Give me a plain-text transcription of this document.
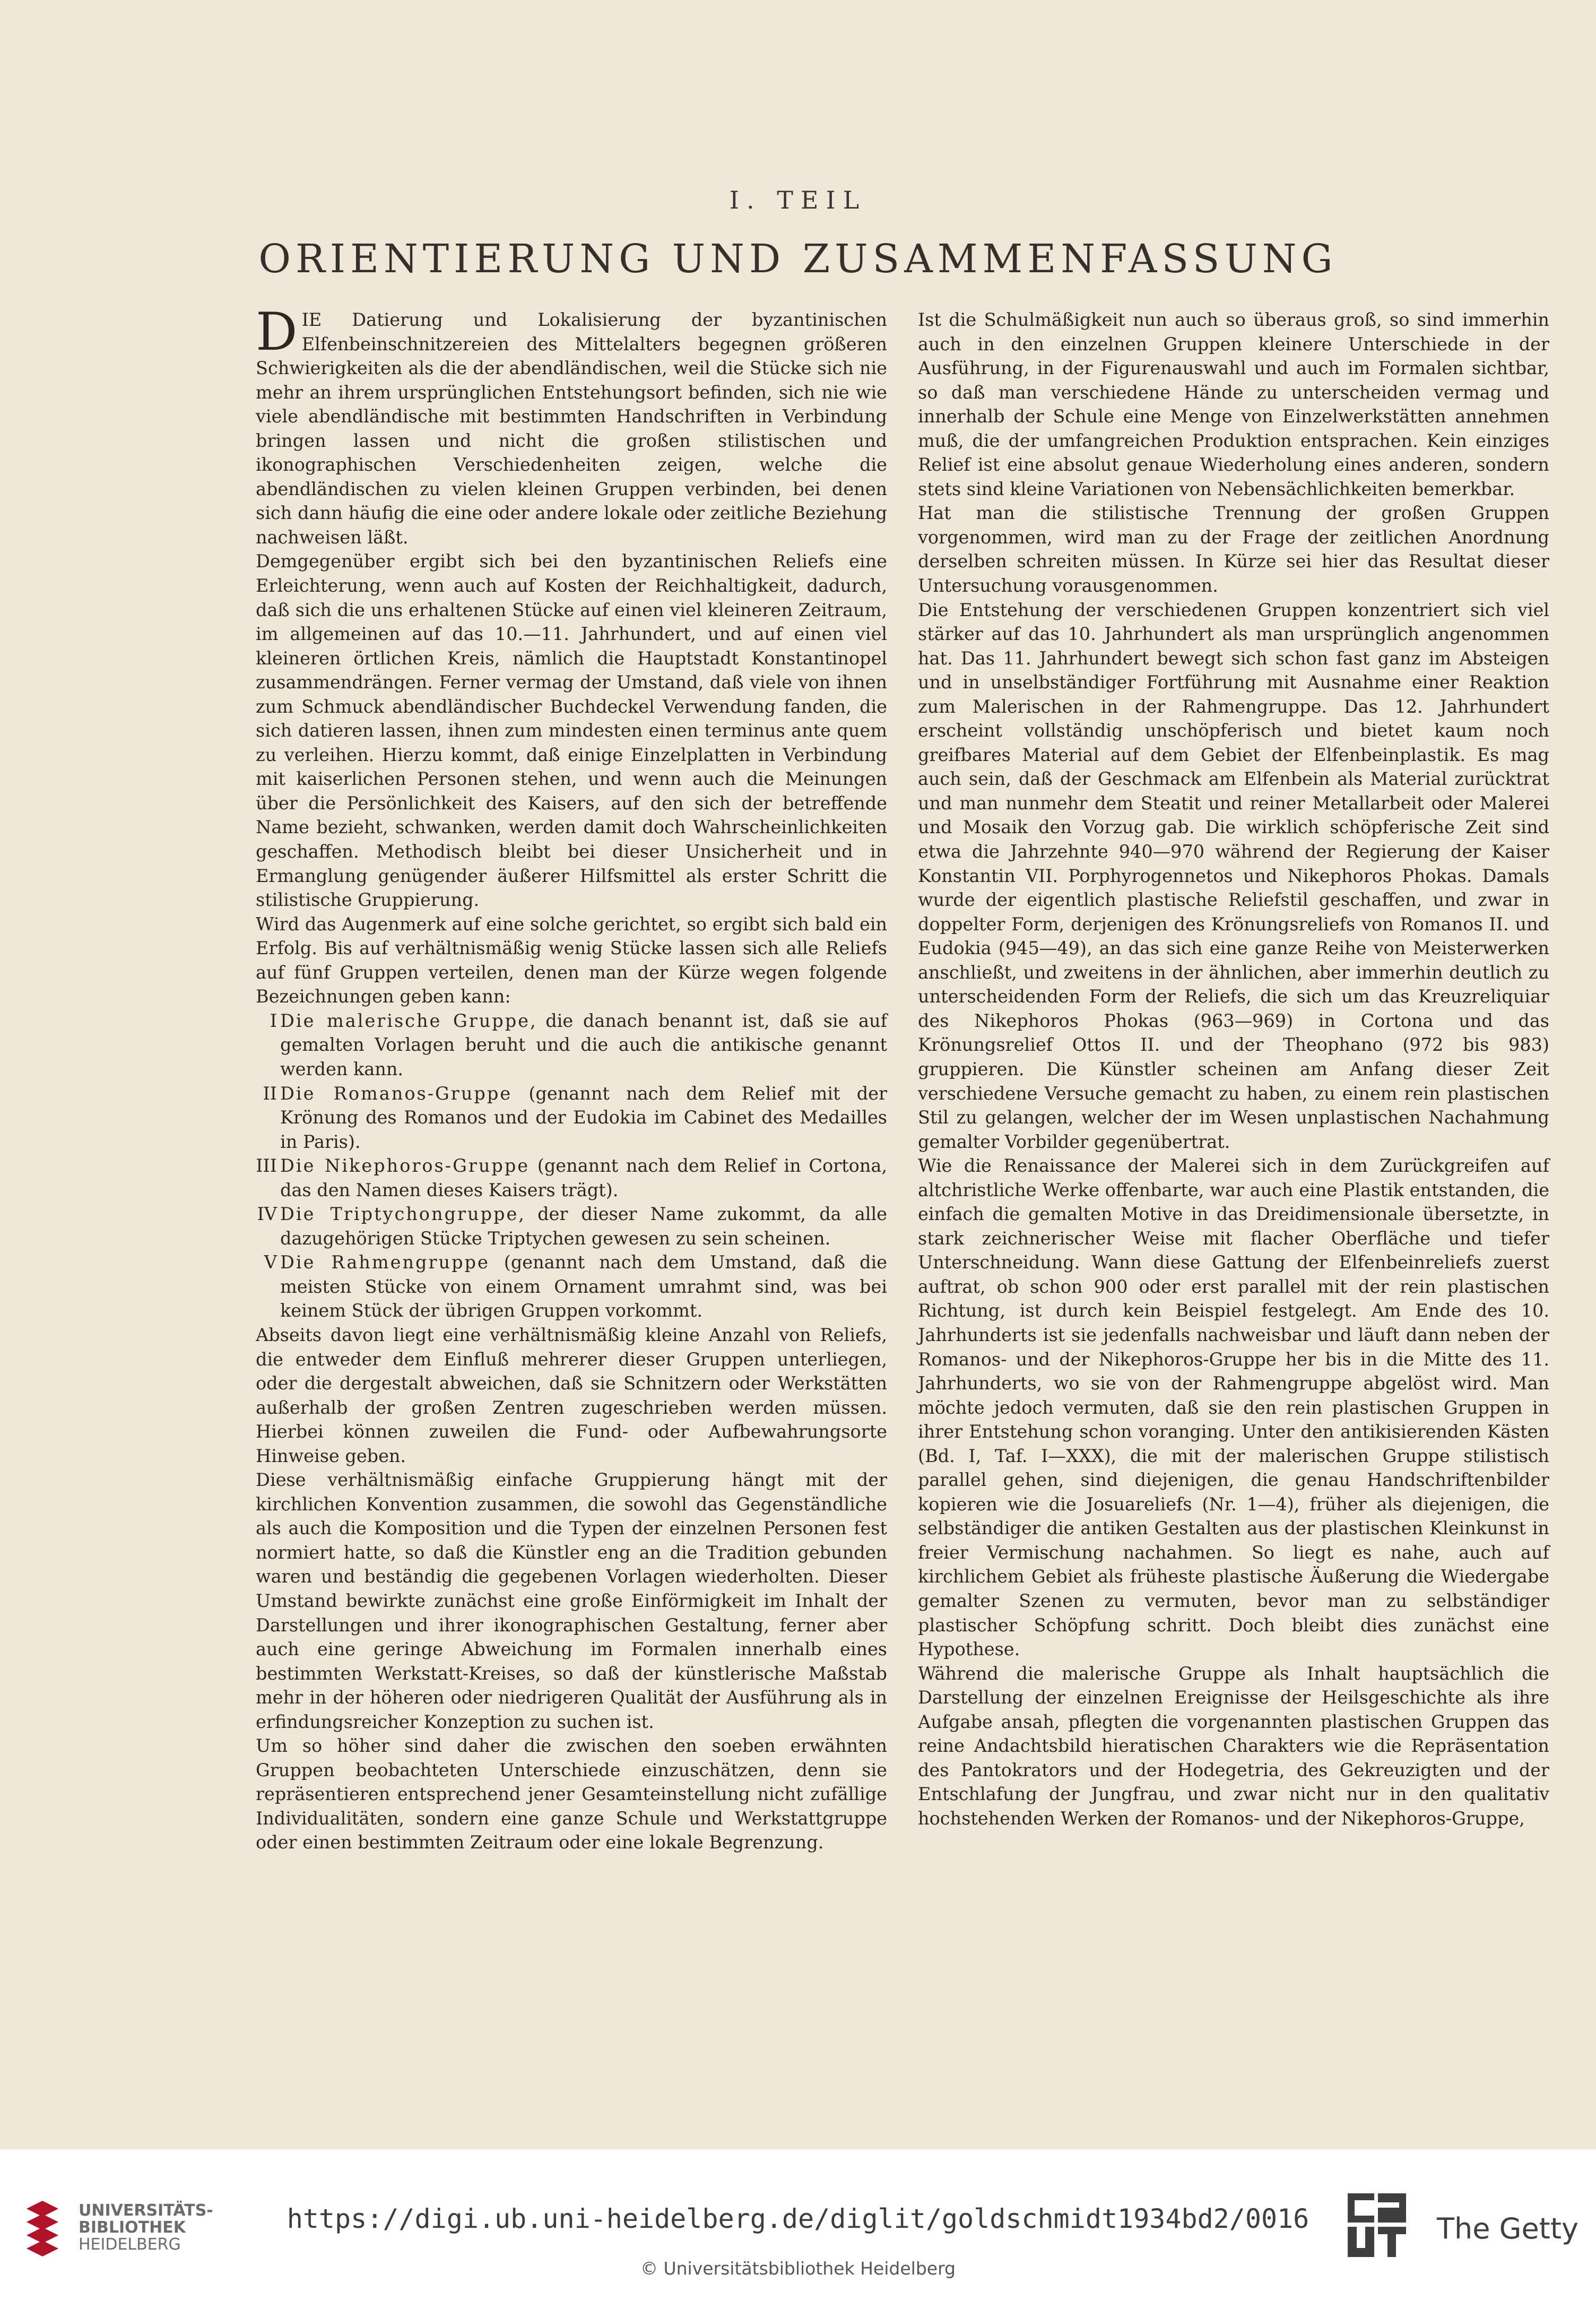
I. TEIL
ORIENTIERUNG UND ZUSAMMENFASSUNG

DIE Datierung und Lokalisierung der byzantinischen Elfenbeinschnitzereien des Mittelalters begegnen größeren Schwierigkeiten als die der abendländischen, weil die Stücke sich nie mehr an ihrem ursprünglichen Entstehungsort befinden, sich nie wie viele abendländische mit bestimmten Handschriften in Verbindung bringen lassen und nicht die großen stilistischen und ikonographischen Verschiedenheiten zeigen, welche die abendländischen zu vielen kleinen Gruppen verbinden, bei denen sich dann häufig die eine oder andere lokale oder zeitliche Beziehung nachweisen läßt.

Demgegenüber ergibt sich bei den byzantinischen Reliefs eine Erleichterung, wenn auch auf Kosten der Reichhaltigkeit, dadurch, daß sich die uns erhaltenen Stücke auf einen viel kleineren Zeitraum, im allgemeinen auf das 10.—11. Jahrhundert, und auf einen viel kleineren örtlichen Kreis, nämlich die Hauptstadt Konstantinopel zusammendrängen. Ferner vermag der Umstand, daß viele von ihnen zum Schmuck abendländischer Buchdeckel Verwendung fanden, die sich datieren lassen, ihnen zum mindesten einen terminus ante quem zu verleihen. Hierzu kommt, daß einige Einzelplatten in Verbindung mit kaiserlichen Personen stehen, und wenn auch die Meinungen über die Persönlichkeit des Kaisers, auf den sich der betreffende Name bezieht, schwanken, werden damit doch Wahrscheinlichkeiten geschaffen. Methodisch bleibt bei dieser Unsicherheit und in Ermanglung genügender äußerer Hilfsmittel als erster Schritt die stilistische Gruppierung.

Wird das Augenmerk auf eine solche gerichtet, so ergibt sich bald ein Erfolg. Bis auf verhältnismäßig wenig Stücke lassen sich alle Reliefs auf fünf Gruppen verteilen, denen man der Kürze wegen folgende Bezeichnungen geben kann:

I Die malerische Gruppe, die danach benannt ist, daß sie auf gemalten Vorlagen beruht und die auch die antikische genannt werden kann.

II Die Romanos-Gruppe (genannt nach dem Relief mit der Krönung des Romanos und der Eudokia im Cabinet des Medailles in Paris).

III Die Nikephoros-Gruppe (genannt nach dem Relief in Cortona, das den Namen dieses Kaisers trägt).

IV Die Triptychongruppe, der dieser Name zukommt, da alle dazugehörigen Stücke Triptychen gewesen zu sein scheinen.

V Die Rahmengruppe (genannt nach dem Umstand, daß die meisten Stücke von einem Ornament umrahmt sind, was bei keinem Stück der übrigen Gruppen vorkommt.

Abseits davon liegt eine verhältnismäßig kleine Anzahl von Reliefs, die entweder dem Einfluß mehrerer dieser Gruppen unterliegen, oder die dergestalt abweichen, daß sie Schnitzern oder Werkstätten außerhalb der großen Zentren zugeschrieben werden müssen. Hierbei können zuweilen die Fund- oder Aufbewahrungsorte Hinweise geben.

Diese verhältnismäßig einfache Gruppierung hängt mit der kirchlichen Konvention zusammen, die sowohl das Gegenständliche als auch die Komposition und die Typen der einzelnen Personen fest normiert hatte, so daß die Künstler eng an die Tradition gebunden waren und beständig die gegebenen Vorlagen wiederholten. Dieser Umstand bewirkte zunächst eine große Einförmigkeit im Inhalt der Darstellungen und ihrer ikonographischen Gestaltung, ferner aber auch eine geringe Abweichung im Formalen innerhalb eines bestimmten Werkstatt-Kreises, so daß der künstlerische Maßstab mehr in der höheren oder niedrigeren Qualität der Ausführung als in erfindungsreicher Konzeption zu suchen ist.

Um so höher sind daher die zwischen den soeben erwähnten Gruppen beobachteten Unterschiede einzuschätzen, denn sie repräsentieren entsprechend jener Gesamteinstellung nicht zufällige Individualitäten, sondern eine ganze Schule und Werkstattgruppe oder einen bestimmten Zeitraum oder eine lokale Begrenzung.

Ist die Schulmäßigkeit nun auch so überaus groß, so sind immerhin auch in den einzelnen Gruppen kleinere Unterschiede in der Ausführung, in der Figurenauswahl und auch im Formalen sichtbar, so daß man verschiedene Hände zu unterscheiden vermag und innerhalb der Schule eine Menge von Einzelwerkstätten annehmen muß, die der umfangreichen Produktion entsprachen. Kein einziges Relief ist eine absolut genaue Wiederholung eines anderen, sondern stets sind kleine Variationen von Nebensächlichkeiten bemerkbar.

Hat man die stilistische Trennung der großen Gruppen vorgenommen, wird man zu der Frage der zeitlichen Anordnung derselben schreiten müssen. In Kürze sei hier das Resultat dieser Untersuchung vorausgenommen.

Die Entstehung der verschiedenen Gruppen konzentriert sich viel stärker auf das 10. Jahrhundert als man ursprünglich angenommen hat. Das 11. Jahrhundert bewegt sich schon fast ganz im Absteigen und in unselbständiger Fortführung mit Ausnahme einer Reaktion zum Malerischen in der Rahmengruppe. Das 12. Jahrhundert erscheint vollständig unschöpferisch und bietet kaum noch greifbares Material auf dem Gebiet der Elfenbeinplastik. Es mag auch sein, daß der Geschmack am Elfenbein als Material zurücktrat und man nunmehr dem Steatit und reiner Metallarbeit oder Malerei und Mosaik den Vorzug gab. Die wirklich schöpferische Zeit sind etwa die Jahrzehnte 940—970 während der Regierung der Kaiser Konstantin VII. Porphyrogennetos und Nikephoros Phokas. Damals wurde der eigentlich plastische Reliefstil geschaffen, und zwar in doppelter Form, derjenigen des Krönungsreliefs von Romanos II. und Eudokia (945—49), an das sich eine ganze Reihe von Meisterwerken anschließt, und zweitens in der ähnlichen, aber immerhin deutlich zu unterscheidenden Form der Reliefs, die sich um das Kreuzreliquiar des Nikephoros Phokas (963—969) in Cortona und das Krönungsrelief Ottos II. und der Theophano (972 bis 983) gruppieren. Die Künstler scheinen am Anfang dieser Zeit verschiedene Versuche gemacht zu haben, zu einem rein plastischen Stil zu gelangen, welcher der im Wesen unplastischen Nachahmung gemalter Vorbilder gegenübertrat.

Wie die Renaissance der Malerei sich in dem Zurückgreifen auf altchristliche Werke offenbarte, war auch eine Plastik entstanden, die einfach die gemalten Motive in das Dreidimensionale übersetzte, in stark zeichnerischer Weise mit flacher Oberfläche und tiefer Unterschneidung. Wann diese Gattung der Elfenbeinreliefs zuerst auftrat, ob schon 900 oder erst parallel mit der rein plastischen Richtung, ist durch kein Beispiel festgelegt. Am Ende des 10. Jahrhunderts ist sie jedenfalls nachweisbar und läuft dann neben der Romanos- und der Nikephoros-Gruppe her bis in die Mitte des 11. Jahrhunderts, wo sie von der Rahmengruppe abgelöst wird. Man möchte jedoch vermuten, daß sie den rein plastischen Gruppen in ihrer Entstehung schon voranging. Unter den antikisierenden Kästen (Bd. I, Taf. I—XXX), die mit der malerischen Gruppe stilistisch parallel gehen, sind diejenigen, die genau Handschriftenbilder kopieren wie die Josuareliefs (Nr. 1—4), früher als diejenigen, die selbständiger die antiken Gestalten aus der plastischen Kleinkunst in freier Vermischung nachahmen. So liegt es nahe, auch auf kirchlichem Gebiet als früheste plastische Äußerung die Wiedergabe gemalter Szenen zu vermuten, bevor man zu selbständiger plastischer Schöpfung schritt. Doch bleibt dies zunächst eine Hypothese.

Während die malerische Gruppe als Inhalt hauptsächlich die Darstellung der einzelnen Ereignisse der Heilsgeschichte als ihre Aufgabe ansah, pflegten die vorgenannten plastischen Gruppen das reine Andachtsbild hieratischen Charakters wie die Repräsentation des Pantokrators und der Hodegetria, des Gekreuzigten und der Entschlafung der Jungfrau, und zwar nicht nur in den qualitativ hochstehenden Werken der Romanos- und der Nikephoros-Gruppe,

UNIVERSITÄTS-
BIBLIOTHEK
HEIDELBERG
https://digi.ub.uni-heidelberg.de/diglit/goldschmidt1934bd2/0016
© Universitätsbibliothek Heidelberg
The Getty
